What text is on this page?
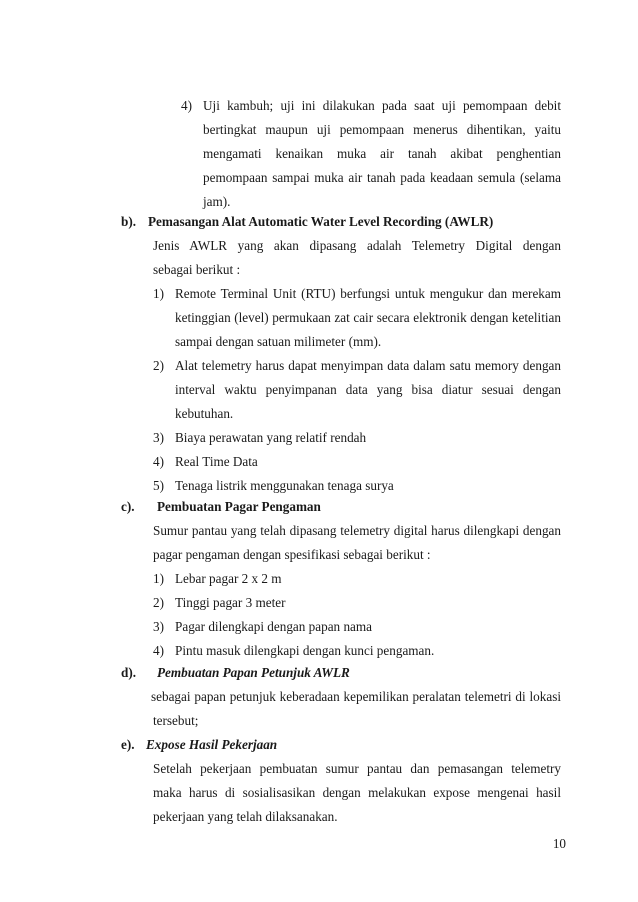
4) Uji kambuh; uji ini dilakukan pada saat uji pemompaan debit
bertingkat maupun uji pemompaan menerus dihentikan, yaitu
mengamati kenaikan muka air tanah akibat penghentian
pemompaan sampai muka air tanah pada keadaan semula (selama
jam).
b). Pemasangan Alat Automatic Water Level Recording (AWLR)
Jenis AWLR yang akan dipasang adalah Telemetry Digital dengan
sebagai berikut :
1) Remote Terminal Unit (RTU) berfungsi untuk mengukur dan merekam
ketinggian (level) permukaan zat cair secara elektronik dengan ketelitian
sampai dengan satuan milimeter (mm).
2) Alat telemetry harus dapat menyimpan data dalam satu memory dengan
interval waktu penyimpanan data yang bisa diatur sesuai dengan
kebutuhan.
3) Biaya perawatan yang relatif rendah
4) Real Time Data
5) Tenaga listrik menggunakan tenaga surya
c). Pembuatan Pagar Pengaman
Sumur pantau yang telah dipasang telemetry digital harus dilengkapi dengan
pagar pengaman dengan spesifikasi sebagai berikut :
1) Lebar pagar 2 x 2 m
2) Tinggi pagar 3 meter
3) Pagar dilengkapi dengan papan nama
4) Pintu masuk dilengkapi dengan kunci pengaman.
d). Pembuatan Papan Petunjuk AWLR
sebagai papan petunjuk keberadaan kepemilikan peralatan telemetri di lokasi
tersebut;
e). Expose Hasil Pekerjaan
Setelah pekerjaan pembuatan sumur pantau dan pemasangan telemetry
maka harus di sosialisasikan dengan melakukan expose mengenai hasil
pekerjaan yang telah dilaksanakan.
10
